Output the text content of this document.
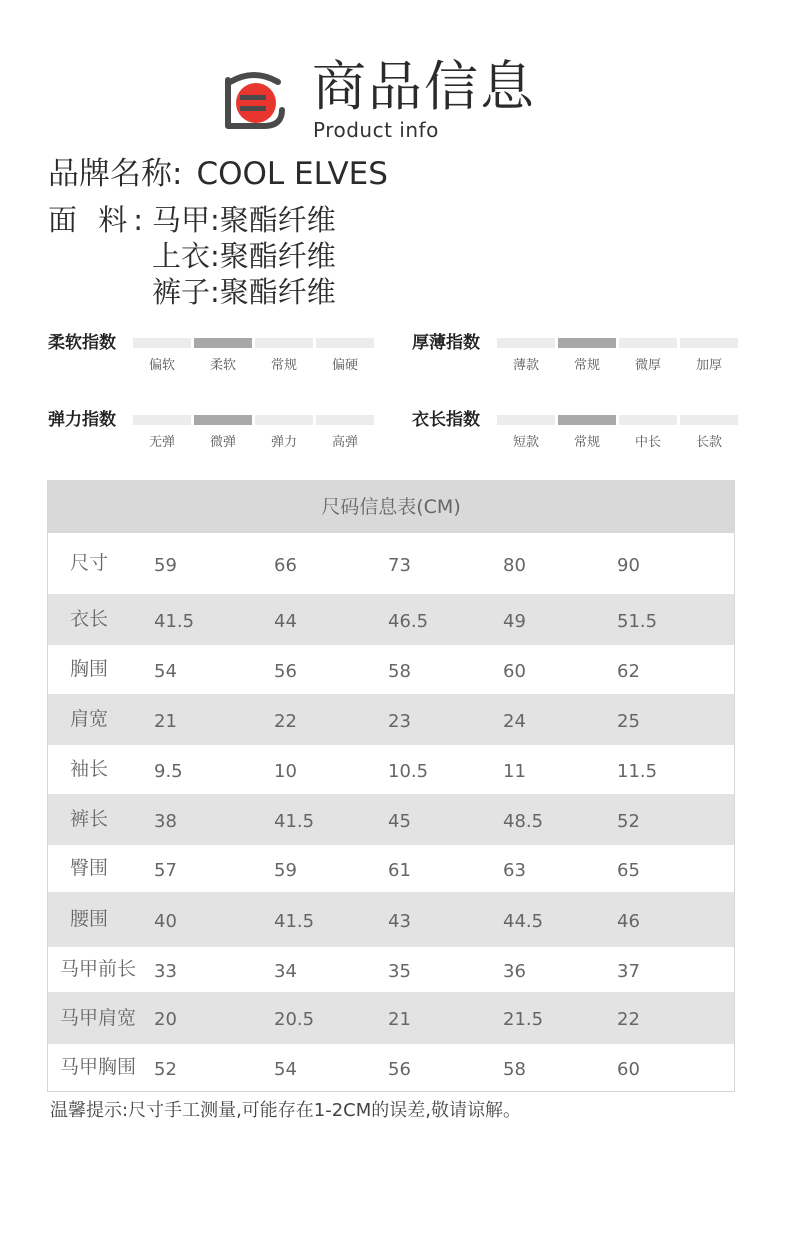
商品信息
Product info
品牌名称: COOL ELVES
面 料: 马甲:聚酯纤维
上衣:聚酯纤维
裤子:聚酯纤维
柔软指数
偏软	柔软	常规	偏硬
厚薄指数
薄款	常规	微厚	加厚
弹力指数
无弹	微弹	弹力	高弹
衣长指数
短款	常规	中长	长款
尺码信息表(CM)
尺寸	59	66	73	80	90
衣长	41.5	44	46.5	49	51.5
胸围	54	56	58	60	62
肩宽	21	22	23	24	25
袖长	9.5	10	10.5	11	11.5
裤长	38	41.5	45	48.5	52
臀围	57	59	61	63	65
腰围	40	41.5	43	44.5	46
马甲前长 33	34	35	36	37
马甲肩宽 20	20.5	21	21.5	22
马甲胸围 52	54	56	58	60
温馨提示:尺寸手工测量,可能存在1-2CM的误差,敬请谅解。
